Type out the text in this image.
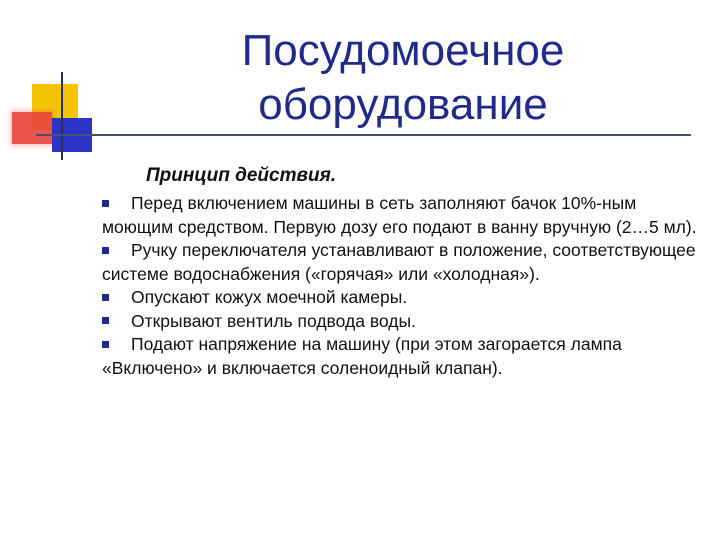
Посудомоечное оборудование
Принцип действия.

Перед включением машины в сеть заполняют бачок 10%-ным моющим средством. Первую дозу его подают в ванну вручную (2…5 мл).

Ручку переключателя устанавливают в положение, соответствующее системе водоснабжения («горячая» или «холодная»).

Опускают кожух моечной камеры.

Открывают вентиль подвода воды.

Подают напряжение на машину (при этом загорается лампа «Включено» и включается соленоидный клапан).
